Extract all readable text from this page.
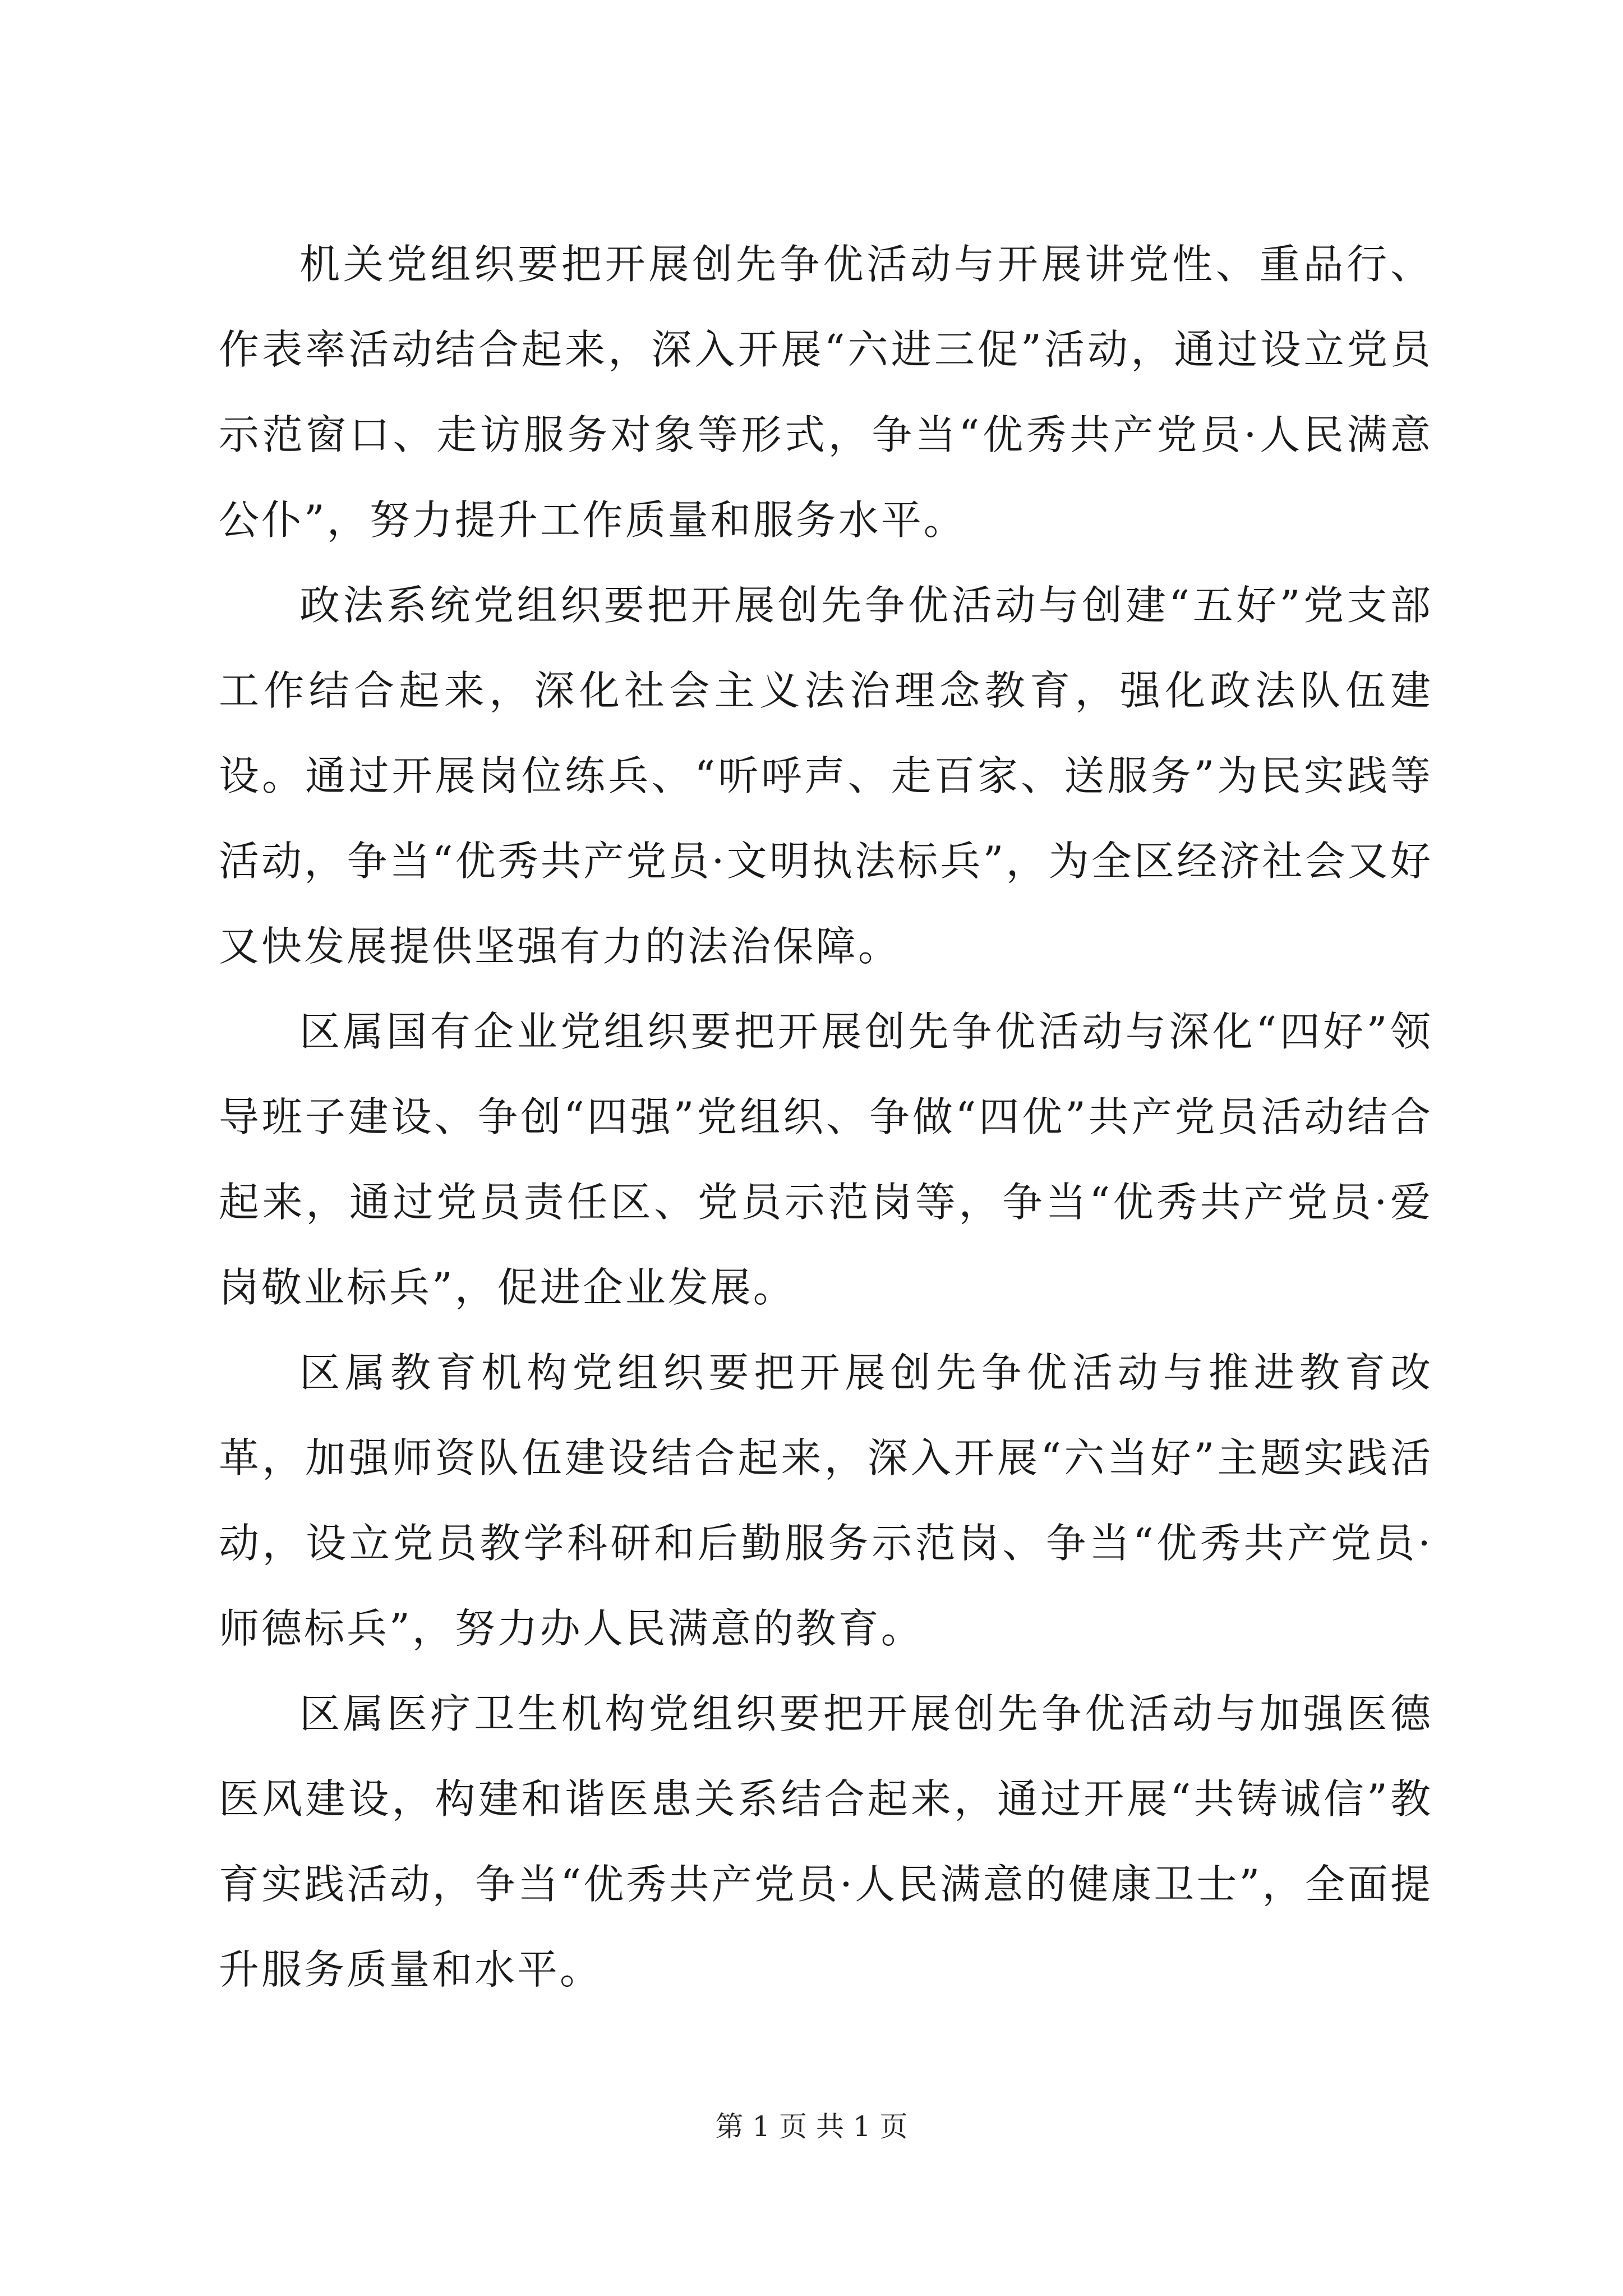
机关党组织要把开展创先争优活动与开展讲党性、重品行、作表率活动结合起来，深入开展“六进三促”活动，通过设立党员示范窗口、走访服务对象等形式，争当“优秀共产党员·人民满意公仆”，努力提升工作质量和服务水平。

政法系统党组织要把开展创先争优活动与创建“五好”党支部工作结合起来，深化社会主义法治理念教育，强化政法队伍建设。通过开展岗位练兵、“听呼声、走百家、送服务”为民实践等活动，争当“优秀共产党员·文明执法标兵”，为全区经济社会又好又快发展提供坚强有力的法治保障。

区属国有企业党组织要把开展创先争优活动与深化“四好”领导班子建设、争创“四强”党组织、争做“四优”共产党员活动结合起来，通过党员责任区、党员示范岗等，争当“优秀共产党员·爱岗敬业标兵”，促进企业发展。

区属教育机构党组织要把开展创先争优活动与推进教育改革，加强师资队伍建设结合起来，深入开展“六当好”主题实践活动，设立党员教学科研和后勤服务示范岗、争当“优秀共产党员·师德标兵”，努力办人民满意的教育。

区属医疗卫生机构党组织要把开展创先争优活动与加强医德医风建设，构建和谐医患关系结合起来，通过开展“共铸诚信”教育实践活动，争当“优秀共产党员·人民满意的健康卫士”，全面提升服务质量和水平。

第 1 页 共 1 页
